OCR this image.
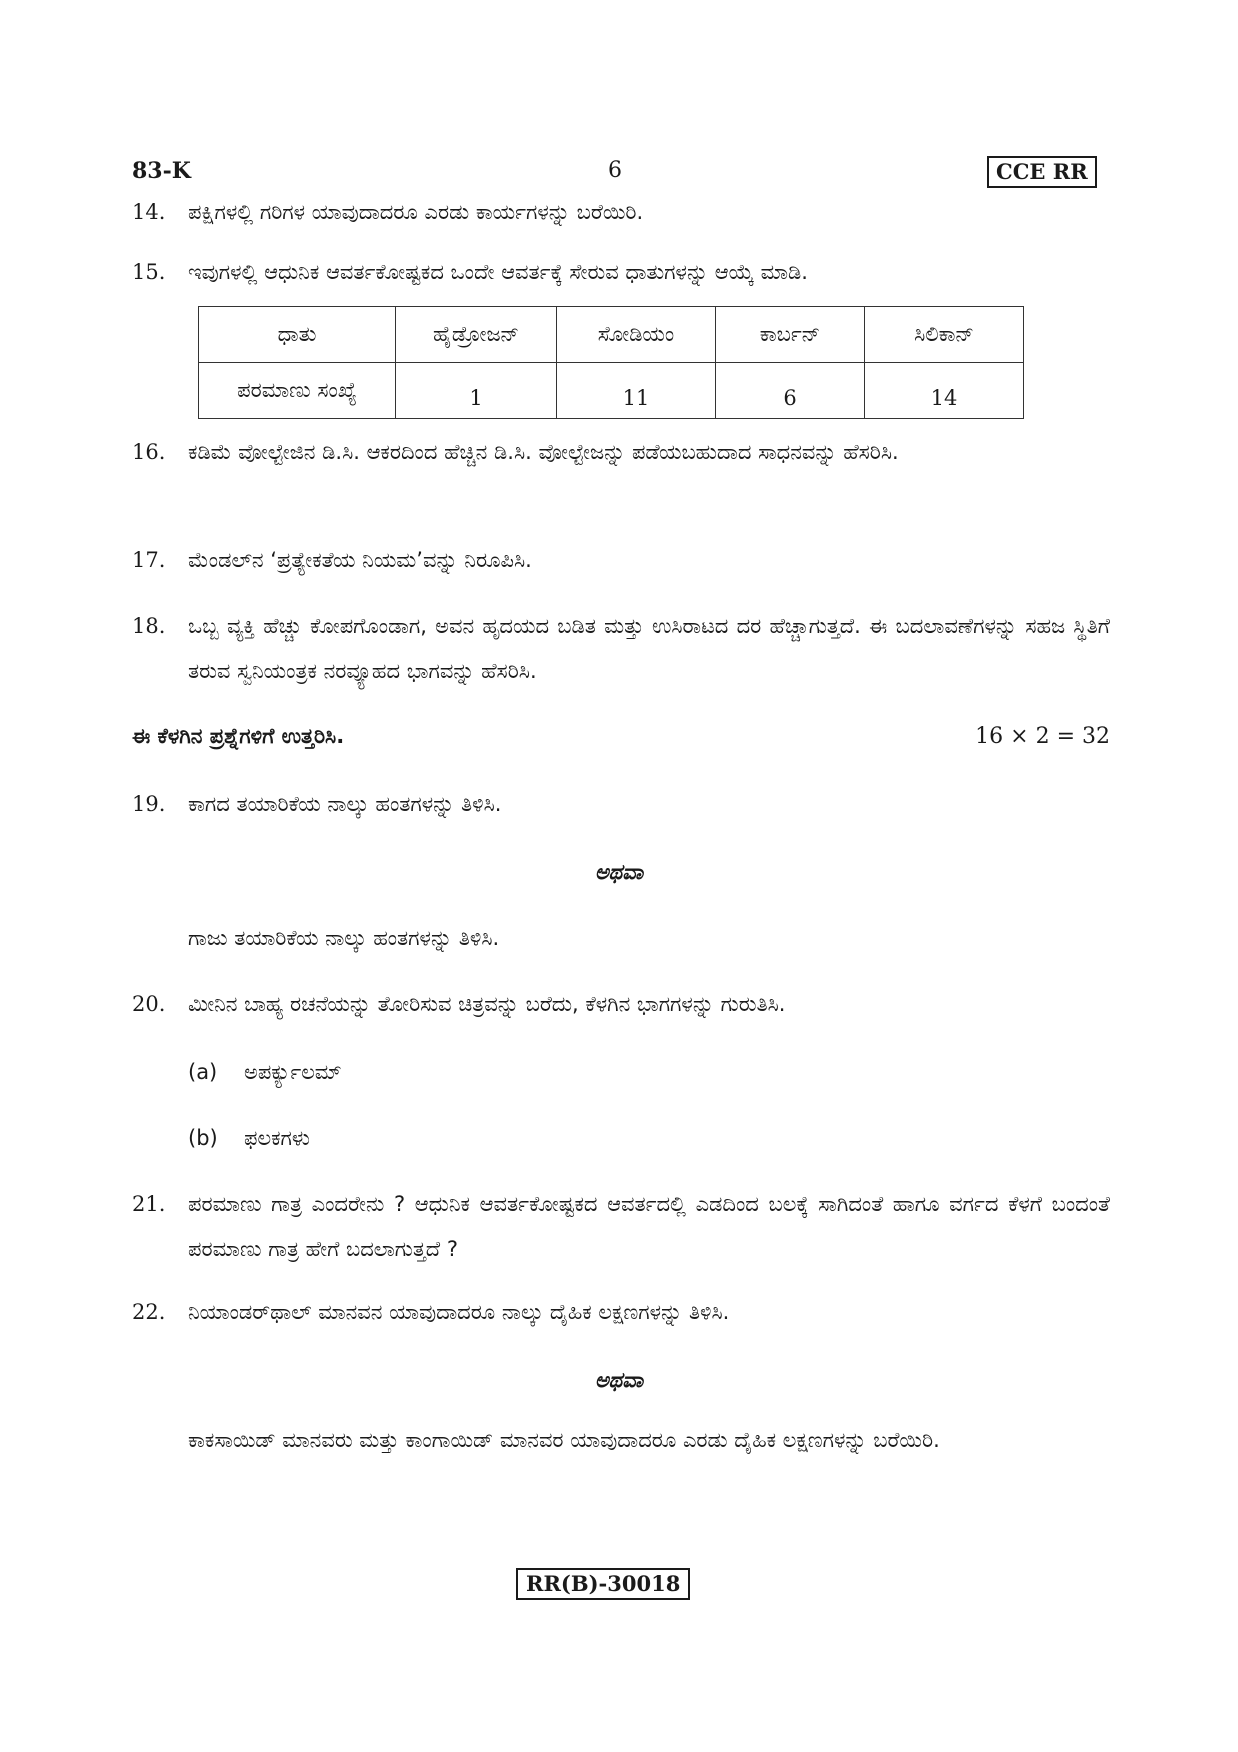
83-K	6	CCE RR
14. ಪಕ್ಷಿಗಳಲ್ಲಿ ಗರಿಗಳ ಯಾವುದಾದರೂ ಎರಡು ಕಾರ್ಯಗಳನ್ನು ಬರೆಯಿರಿ.
15. ಇವುಗಳಲ್ಲಿ ಆಧುನಿಕ ಆವರ್ತಕೋಷ್ಟಕದ ಒಂದೇ ಆವರ್ತಕ್ಕೆ ಸೇರುವ ಧಾತುಗಳನ್ನು ಆಯ್ಕೆ ಮಾಡಿ.
ಧಾತು	ಹೈಡ್ರೋಜನ್	ಸೋಡಿಯಂ	ಕಾರ್ಬನ್	ಸಿಲಿಕಾನ್
ಪರಮಾಣು ಸಂಖ್ಯೆ	1	11	6	14
16. ಕಡಿಮೆ ವೋಲ್ಟೇಜಿನ ಡಿ.ಸಿ. ಆಕರದಿಂದ ಹೆಚ್ಚಿನ ಡಿ.ಸಿ. ವೋಲ್ಟೇಜನ್ನು ಪಡೆಯಬಹುದಾದ ಸಾಧನವನ್ನು ಹೆಸರಿಸಿ.
17. ಮೆಂಡಲ್‌ನ ‘ಪ್ರತ್ಯೇಕತೆಯ ನಿಯಮ’ವನ್ನು ನಿರೂಪಿಸಿ.
18. ಒಬ್ಬ ವ್ಯಕ್ತಿ ಹೆಚ್ಚು ಕೋಪಗೊಂಡಾಗ, ಅವನ ಹೃದಯದ ಬಡಿತ ಮತ್ತು ಉಸಿರಾಟದ ದರ ಹೆಚ್ಚಾಗುತ್ತದೆ. ಈ ಬದಲಾವಣೆಗಳನ್ನು ಸಹಜ ಸ್ಥಿತಿಗೆ ತರುವ ಸ್ವನಿಯಂತ್ರಕ ನರವ್ಯೂಹದ ಭಾಗವನ್ನು ಹೆಸರಿಸಿ.
ಈ ಕೆಳಗಿನ ಪ್ರಶ್ನೆಗಳಿಗೆ ಉತ್ತರಿಸಿ.	16 × 2 = 32
19. ಕಾಗದ ತಯಾರಿಕೆಯ ನಾಲ್ಕು ಹಂತಗಳನ್ನು ತಿಳಿಸಿ.
ಅಥವಾ
ಗಾಜು ತಯಾರಿಕೆಯ ನಾಲ್ಕು ಹಂತಗಳನ್ನು ತಿಳಿಸಿ.
20. ಮೀನಿನ ಬಾಹ್ಯ ರಚನೆಯನ್ನು ತೋರಿಸುವ ಚಿತ್ರವನ್ನು ಬರೆದು, ಕೆಳಗಿನ ಭಾಗಗಳನ್ನು ಗುರುತಿಸಿ.
(a) ಅಪರ್ಕ್ಯುಲಮ್
(b) ಫಲಕಗಳು
21. ಪರಮಾಣು ಗಾತ್ರ ಎಂದರೇನು ? ಆಧುನಿಕ ಆವರ್ತಕೋಷ್ಟಕದ ಆವರ್ತದಲ್ಲಿ ಎಡದಿಂದ ಬಲಕ್ಕೆ ಸಾಗಿದಂತೆ ಹಾಗೂ ವರ್ಗದ ಕೆಳಗೆ ಬಂದಂತೆ ಪರಮಾಣು ಗಾತ್ರ ಹೇಗೆ ಬದಲಾಗುತ್ತದೆ ?
22. ನಿಯಾಂಡರ್‌ಥಾಲ್ ಮಾನವನ ಯಾವುದಾದರೂ ನಾಲ್ಕು ದೈಹಿಕ ಲಕ್ಷಣಗಳನ್ನು ತಿಳಿಸಿ.
ಅಥವಾ
ಕಾಕಸಾಯಿಡ್ ಮಾನವರು ಮತ್ತು ಕಾಂಗಾಯಿಡ್ ಮಾನವರ ಯಾವುದಾದರೂ ಎರಡು ದೈಹಿಕ ಲಕ್ಷಣಗಳನ್ನು ಬರೆಯಿರಿ.
RR(B)-30018
